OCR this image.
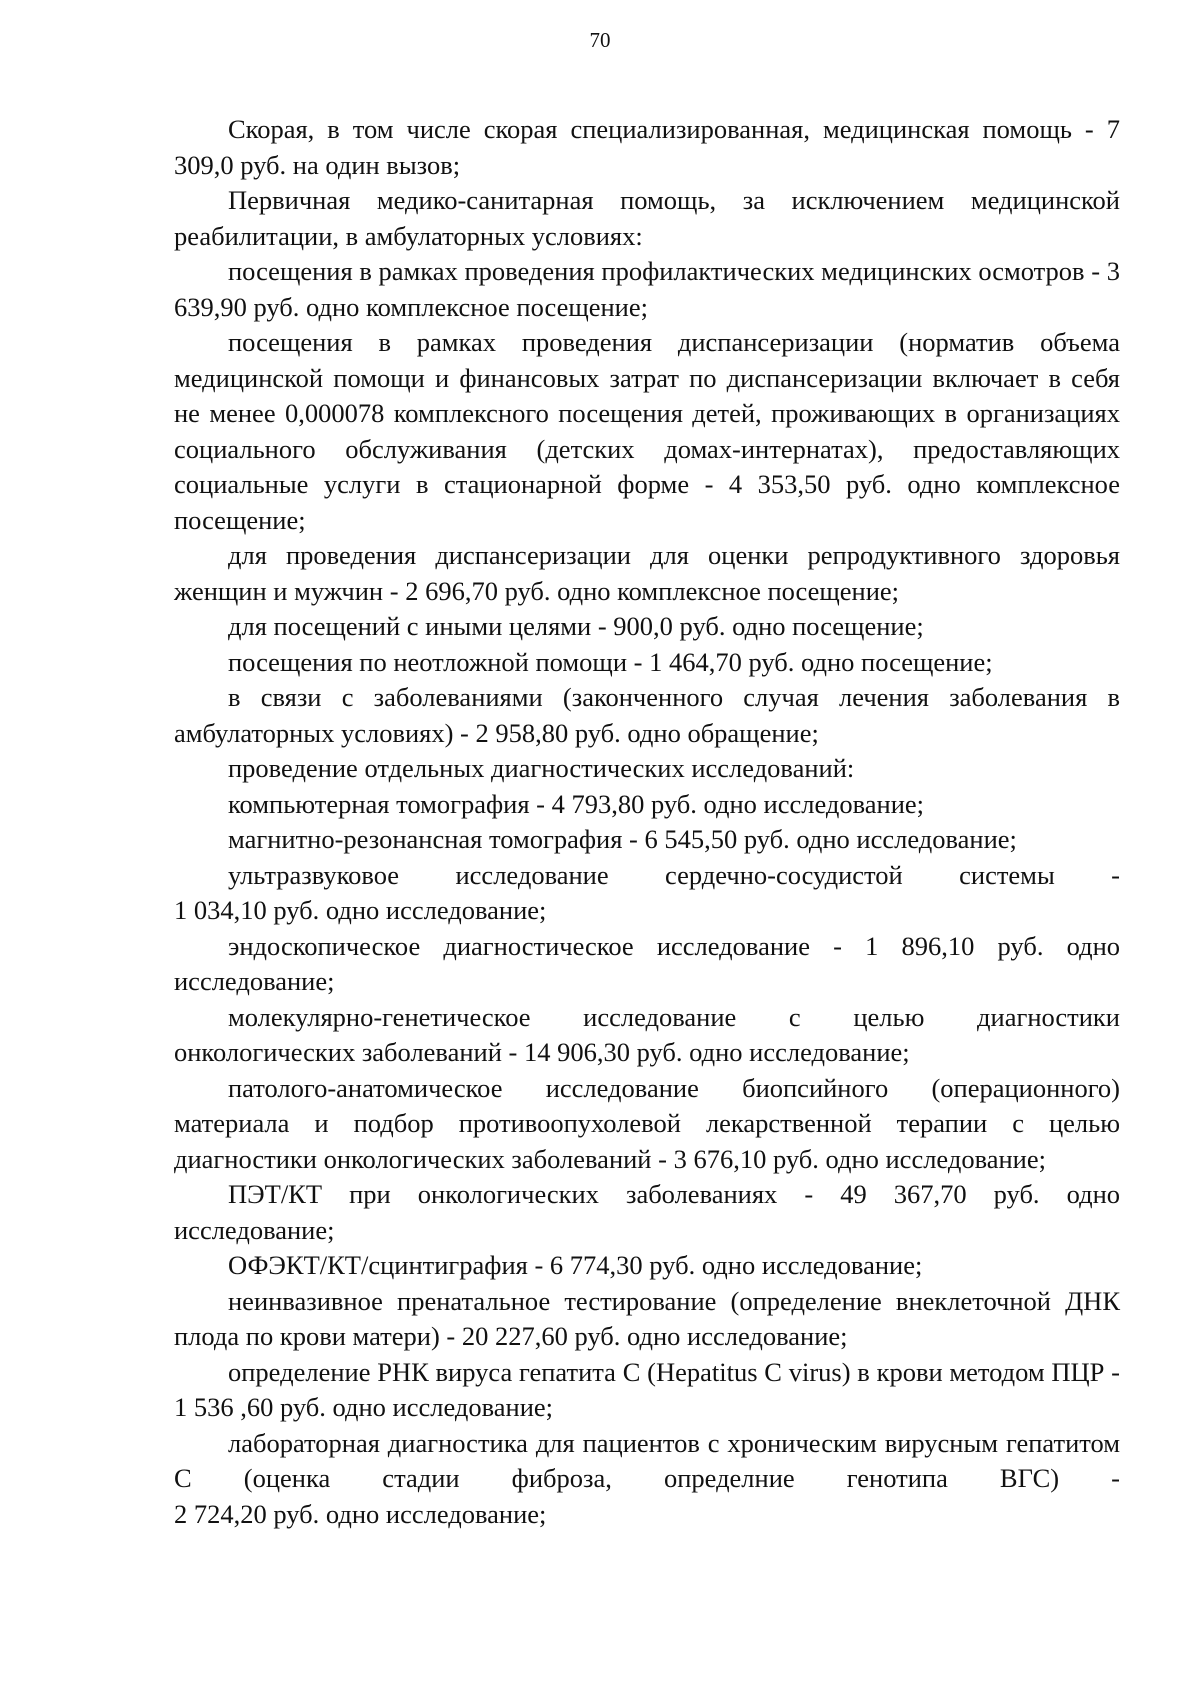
70

Скорая, в том числе скорая специализированная, медицинская помощь - 7 309,0 руб. на один вызов;

Первичная медико-санитарная помощь, за исключением медицинской реабилитации, в амбулаторных условиях:

посещения в рамках проведения профилактических медицинских осмотров - 3 639,90 руб. одно комплексное посещение;

посещения в рамках проведения диспансеризации (норматив объема медицинской помощи и финансовых затрат по диспансеризации включает в себя не менее 0,000078 комплексного посещения детей, проживающих в организациях социального обслуживания (детских домах-интернатах), предоставляющих социальные услуги в стационарной форме - 4 353,50 руб. одно комплексное посещение;

для проведения диспансеризации для оценки репродуктивного здоровья женщин и мужчин - 2 696,70 руб. одно комплексное посещение;

для посещений с иными целями - 900,0 руб. одно посещение;

посещения по неотложной помощи - 1 464,70 руб. одно посещение;

в связи с заболеваниями (законченного случая лечения заболевания в амбулаторных условиях) - 2 958,80 руб. одно обращение;

проведение отдельных диагностических исследований:

компьютерная томография - 4 793,80 руб. одно исследование;

магнитно-резонансная томография - 6 545,50 руб. одно исследование;

ультразвуковое исследование сердечно-сосудистой системы -

1 034,10 руб. одно исследование;

эндоскопическое диагностическое исследование - 1 896,10 руб. одно исследование;

молекулярно-генетическое исследование с целью диагностики онкологических заболеваний - 14 906,30 руб. одно исследование;

патолого-анатомическое исследование биопсийного (операционного) материала и подбор противоопухолевой лекарственной терапии с целью диагностики онкологических заболеваний - 3 676,10 руб. одно исследование;

ПЭТ/КТ при онкологических заболеваниях - 49 367,70 руб. одно исследование;

ОФЭКТ/КТ/сцинтиграфия - 6 774,30 руб. одно исследование;

неинвазивное пренатальное тестирование (определение внеклеточной ДНК плода по крови матери) - 20 227,60 руб. одно исследование;

определение РНК вируса гепатита С (Hepatitus C virus) в крови методом ПЦР -

1 536 ,60 руб. одно исследование;

лабораторная диагностика для пациентов с хроническим вирусным гепатитом С (оценка стадии фиброза, определние генотипа ВГС) -

2 724,20 руб. одно исследование;
